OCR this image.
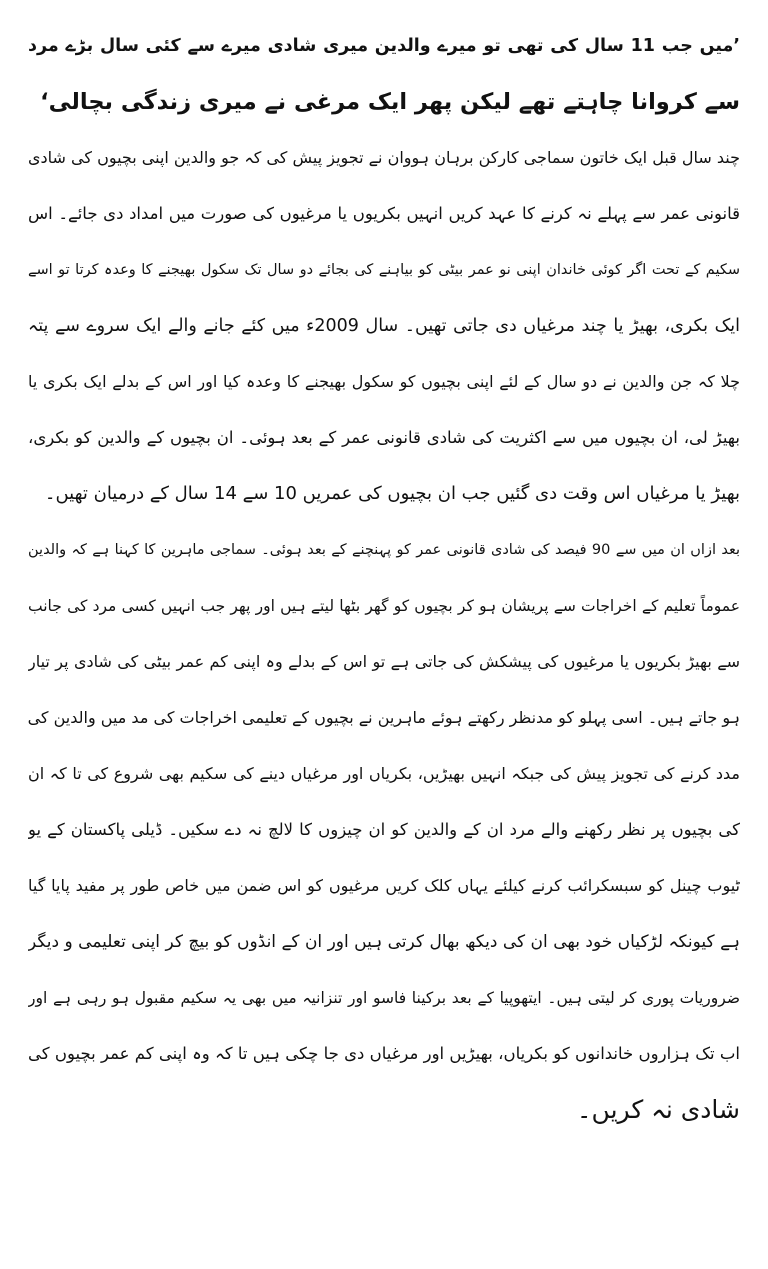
’میں جب 11 سال کی تھی تو میرے والدین میری شادی میرے سے کئی سال بڑے مرد
سے کروانا چاہتے تھے لیکن پھر ایک مرغی نے میری زندگی بچالی‘
چند سال قبل ایک خاتون سماجی کارکن برہان ہووان نے تجویز پیش کی کہ جو والدین اپنی بچیوں کی شادی
قانونی عمر سے پہلے نہ کرنے کا عہد کریں انہیں بکریوں یا مرغیوں کی صورت میں امداد دی جائے۔ اس
سکیم کے تحت اگر کوئی خاندان اپنی نو عمر بیٹی کو بیاہنے کی بجائے دو سال تک سکول بھیجنے کا وعدہ کرتا تو اسے
ایک بکری، بھیڑ یا چند مرغیاں دی جاتی تھیں۔ سال 2009ء میں کئے جانے والے ایک سروے سے پتہ
چلا کہ جن والدین نے دو سال کے لئے اپنی بچیوں کو سکول بھیجنے کا وعدہ کیا اور اس کے بدلے ایک بکری یا
بھیڑ لی، ان بچیوں میں سے اکثریت کی شادی قانونی عمر کے بعد ہوئی۔ ان بچیوں کے والدین کو بکری،
بھیڑ یا مرغیاں اس وقت دی گئیں جب ان بچیوں کی عمریں 10 سے 14 سال کے درمیان تھیں۔
بعد ازاں ان میں سے 90 فیصد کی شادی قانونی عمر کو پہنچنے کے بعد ہوئی۔ سماجی ماہرین کا کہنا ہے کہ والدین
عموماً تعلیم کے اخراجات سے پریشان ہو کر بچیوں کو گھر بٹھا لیتے ہیں اور پھر جب انہیں کسی مرد کی جانب
سے بھیڑ بکریوں یا مرغیوں کی پیشکش کی جاتی ہے تو اس کے بدلے وہ اپنی کم عمر بیٹی کی شادی پر تیار
ہو جاتے ہیں۔ اسی پہلو کو مدنظر رکھتے ہوئے ماہرین نے بچیوں کے تعلیمی اخراجات کی مد میں والدین کی
مدد کرنے کی تجویز پیش کی جبکہ انہیں بھیڑیں، بکریاں اور مرغیاں دینے کی سکیم بھی شروع کی تا کہ ان
کی بچیوں پر نظر رکھنے والے مرد ان کے والدین کو ان چیزوں کا لالچ نہ دے سکیں۔ ڈیلی پاکستان کے یو
ٹیوب چینل کو سبسکرائب کرنے کیلئے یہاں کلک کریں مرغیوں کو اس ضمن میں خاص طور پر مفید پایا گیا
ہے کیونکہ لڑکیاں خود بھی ان کی دیکھ بھال کرتی ہیں اور ان کے انڈوں کو بیچ کر اپنی تعلیمی و دیگر
ضروریات پوری کر لیتی ہیں۔ ایتھوپیا کے بعد برکینا فاسو اور تنزانیہ میں بھی یہ سکیم مقبول ہو رہی ہے اور
اب تک ہزاروں خاندانوں کو بکریاں، بھیڑیں اور مرغیاں دی جا چکی ہیں تا کہ وہ اپنی کم عمر بچیوں کی
شادی نہ کریں۔
